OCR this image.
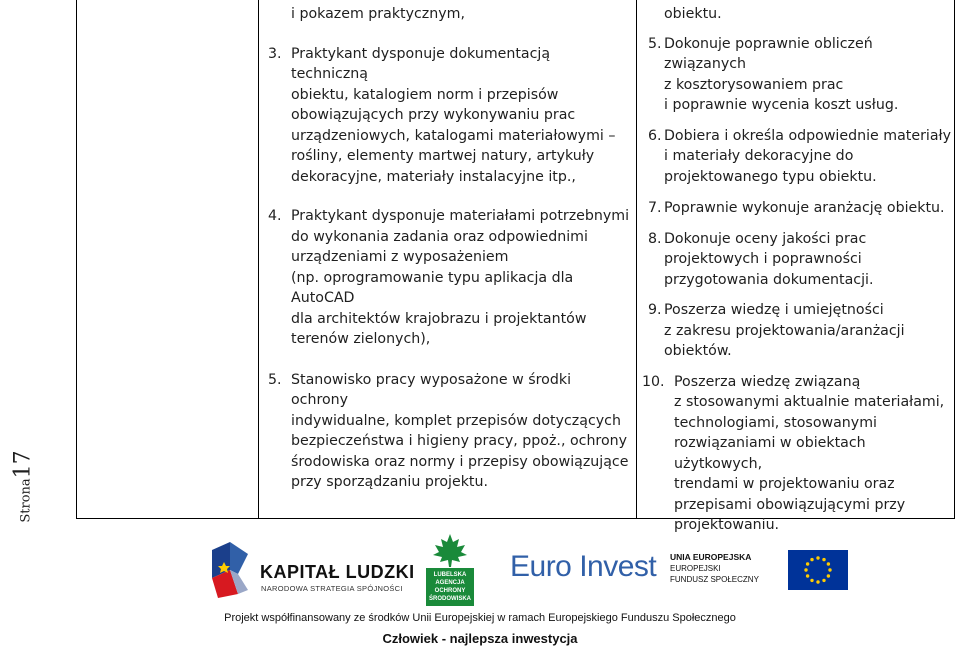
i pokazem praktycznym,

3. Praktykant dysponuje dokumentacją techniczną

obiektu, katalogiem norm i przepisów

obowiązujących przy wykonywaniu prac

urządzeniowych, katalogami materiałowymi –

rośliny, elementy martwej natury, artykuły

dekoracyjne, materiały instalacyjne itp.,

4. Praktykant dysponuje materiałami potrzebnymi

do wykonania zadania oraz odpowiednimi

urządzeniami z wyposażeniem

(np. oprogramowanie typu aplikacja dla AutoCAD

dla architektów krajobrazu i projektantów

terenów zielonych),

5. Stanowisko pracy wyposażone w środki ochrony

indywidualne, komplet przepisów dotyczących

bezpieczeństwa i higieny pracy, ppoż., ochrony

środowiska oraz normy i przepisy obowiązujące

przy sporządzaniu projektu.

obiektu.

5. Dokonuje poprawnie obliczeń związanych

z kosztorysowaniem prac

i poprawnie wycenia koszt usług.

6. Dobiera i określa odpowiednie materiały

i materiały dekoracyjne do

projektowanego typu obiektu.

7. Poprawnie wykonuje aranżację obiektu.

8. Dokonuje oceny jakości prac

projektowych i poprawności

przygotowania dokumentacji.

9. Poszerza wiedzę i umiejętności

z zakresu projektowania/aranżacji

obiektów.

10. Poszerza wiedzę związaną

z stosowanymi aktualnie materiałami,

technologiami, stosowanymi

rozwiązaniami w obiektach użytkowych,

trendami w projektowaniu oraz

przepisami obowiązującymi przy

projektowaniu.

Strona17
KAPITAŁ LUDZKI
NARODOWA STRATEGIA SPÓJNOŚCI
LUBELSKA
AGENCJA
OCHRONY
ŚRODOWISKA
Euro Invest UNIA EUROPEJSKA
EUROPEJSKI
FUNDUSZ SPOŁECZNY
Projekt współfinansowany ze środków Unii Europejskiej w ramach Europejskiego Funduszu Społecznego
Człowiek - najlepsza inwestycja
